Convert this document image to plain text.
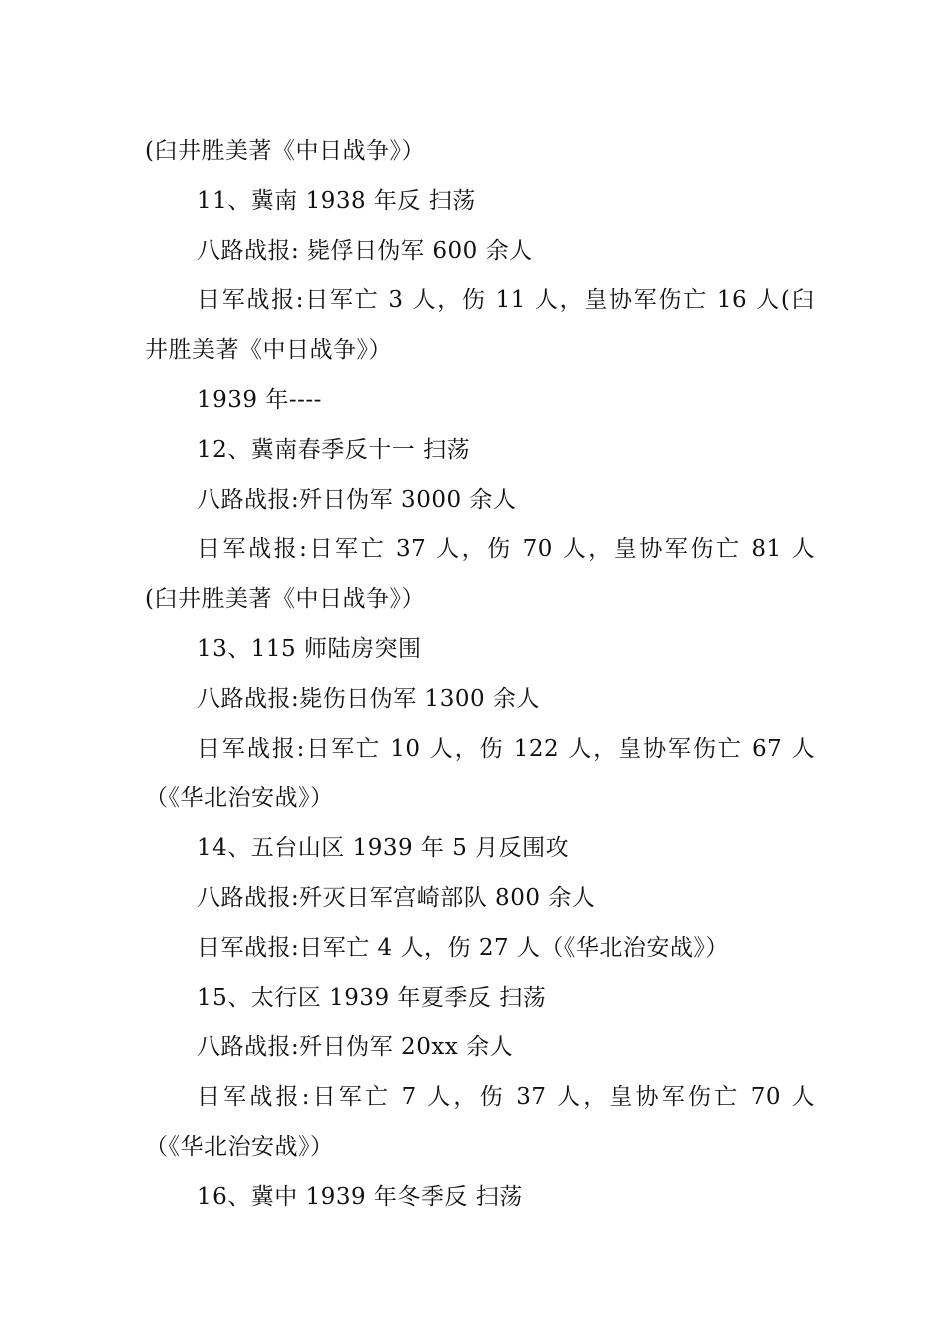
(臼井胜美著《中日战争》）
11、冀南 1938 年反 扫荡
八路战报: 毙俘日伪军 600 余人
日军战报:日军亡 3 人，伤 11 人，皇协军伤亡 16 人(臼
井胜美著《中日战争》）
1939 年----
12、冀南春季反十一 扫荡
八路战报:歼日伪军 3000 余人
日军战报:日军亡 37 人，伤 70 人，皇协军伤亡 81 人
(臼井胜美著《中日战争》）
13、115 师陆房突围
八路战报:毙伤日伪军 1300 余人
日军战报:日军亡 10 人，伤 122 人，皇协军伤亡 67 人
（《华北治安战》）
14、五台山区 1939 年 5 月反围攻
八路战报:歼灭日军宫崎部队 800 余人
日军战报:日军亡 4 人，伤 27 人（《华北治安战》）
15、太行区 1939 年夏季反 扫荡
八路战报:歼日伪军 20xx 余人
日军战报:日军亡 7 人，伤 37 人，皇协军伤亡 70 人
（《华北治安战》）
16、冀中 1939 年冬季反 扫荡
